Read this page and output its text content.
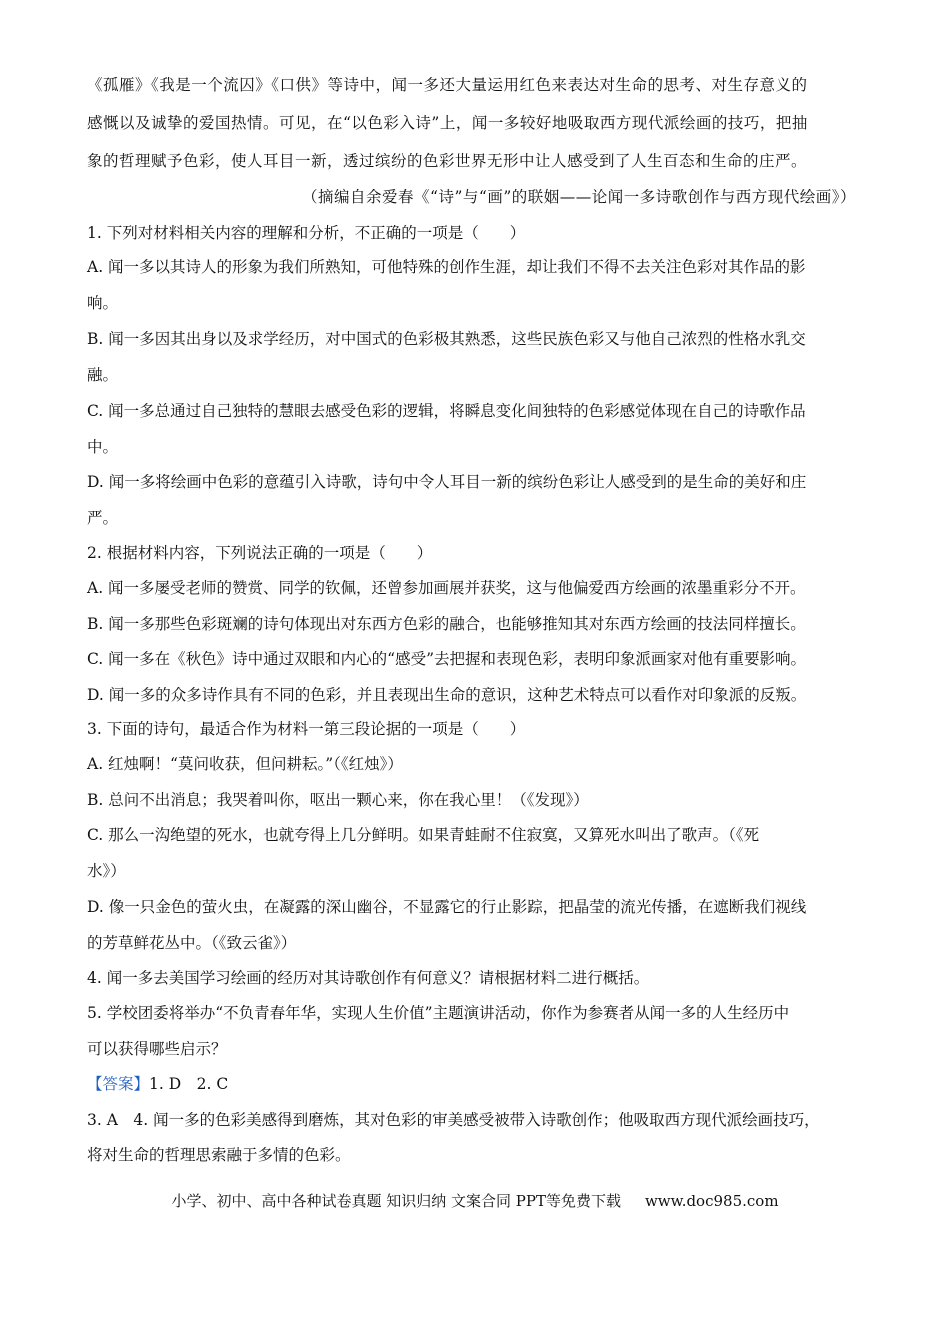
《孤雁》《我是一个流囚》《口供》等诗中，闻一多还大量运用红色来表达对生命的思考、对生存意义的
感慨以及诚挚的爱国热情。可见，在“以色彩入诗”上，闻一多较好地吸取西方现代派绘画的技巧，把抽
象的哲理赋予色彩，使人耳目一新，透过缤纷的色彩世界无形中让人感受到了人生百态和生命的庄严。
（摘编自余爱春《“诗”与“画”的联姻——论闻一多诗歌创作与西方现代绘画》）
1. 下列对材料相关内容的理解和分析，不正确的一项是（　　）
A. 闻一多以其诗人的形象为我们所熟知，可他特殊的创作生涯，却让我们不得不去关注色彩对其作品的影
响。
B. 闻一多因其出身以及求学经历，对中国式的色彩极其熟悉，这些民族色彩又与他自己浓烈的性格水乳交
融。
C. 闻一多总通过自己独特的慧眼去感受色彩的逻辑，将瞬息变化间独特的色彩感觉体现在自己的诗歌作品
中。
D. 闻一多将绘画中色彩的意蕴引入诗歌，诗句中令人耳目一新的缤纷色彩让人感受到的是生命的美好和庄
严。
2. 根据材料内容，下列说法正确的一项是（　　）
A. 闻一多屡受老师的赞赏、同学的钦佩，还曾参加画展并获奖，这与他偏爱西方绘画的浓墨重彩分不开。
B. 闻一多那些色彩斑斓的诗句体现出对东西方色彩的融合，也能够推知其对东西方绘画的技法同样擅长。
C. 闻一多在《秋色》诗中通过双眼和内心的“感受”去把握和表现色彩，表明印象派画家对他有重要影响。
D. 闻一多的众多诗作具有不同的色彩，并且表现出生命的意识，这种艺术特点可以看作对印象派的反叛。
3. 下面的诗句，最适合作为材料一第三段论据的一项是（　　）
A. 红烛啊！“莫问收获，但问耕耘。”（《红烛》）
B. 总问不出消息；我哭着叫你，呕出一颗心来，你在我心里！（《发现》）
C. 那么一沟绝望的死水，也就夸得上几分鲜明。如果青蛙耐不住寂寞，又算死水叫出了歌声。（《死
水》）
D. 像一只金色的萤火虫，在凝露的深山幽谷，不显露它的行止影踪，把晶莹的流光传播，在遮断我们视线
的芳草鲜花丛中。（《致云雀》）
4. 闻一多去美国学习绘画的经历对其诗歌创作有何意义？请根据材料二进行概括。
5. 学校团委将举办“不负青春年华，实现人生价值”主题演讲活动，你作为参赛者从闻一多的人生经历中
可以获得哪些启示？
【答案】1. D　2. C
3. A　4. 闻一多的色彩美感得到磨炼，其对色彩的审美感受被带入诗歌创作；他吸取西方现代派绘画技巧，
将对生命的哲理思索融于多情的色彩。
小学、初中、高中各种试卷真题 知识归纳 文案合同 PPT等免费下载 www.doc985.com
